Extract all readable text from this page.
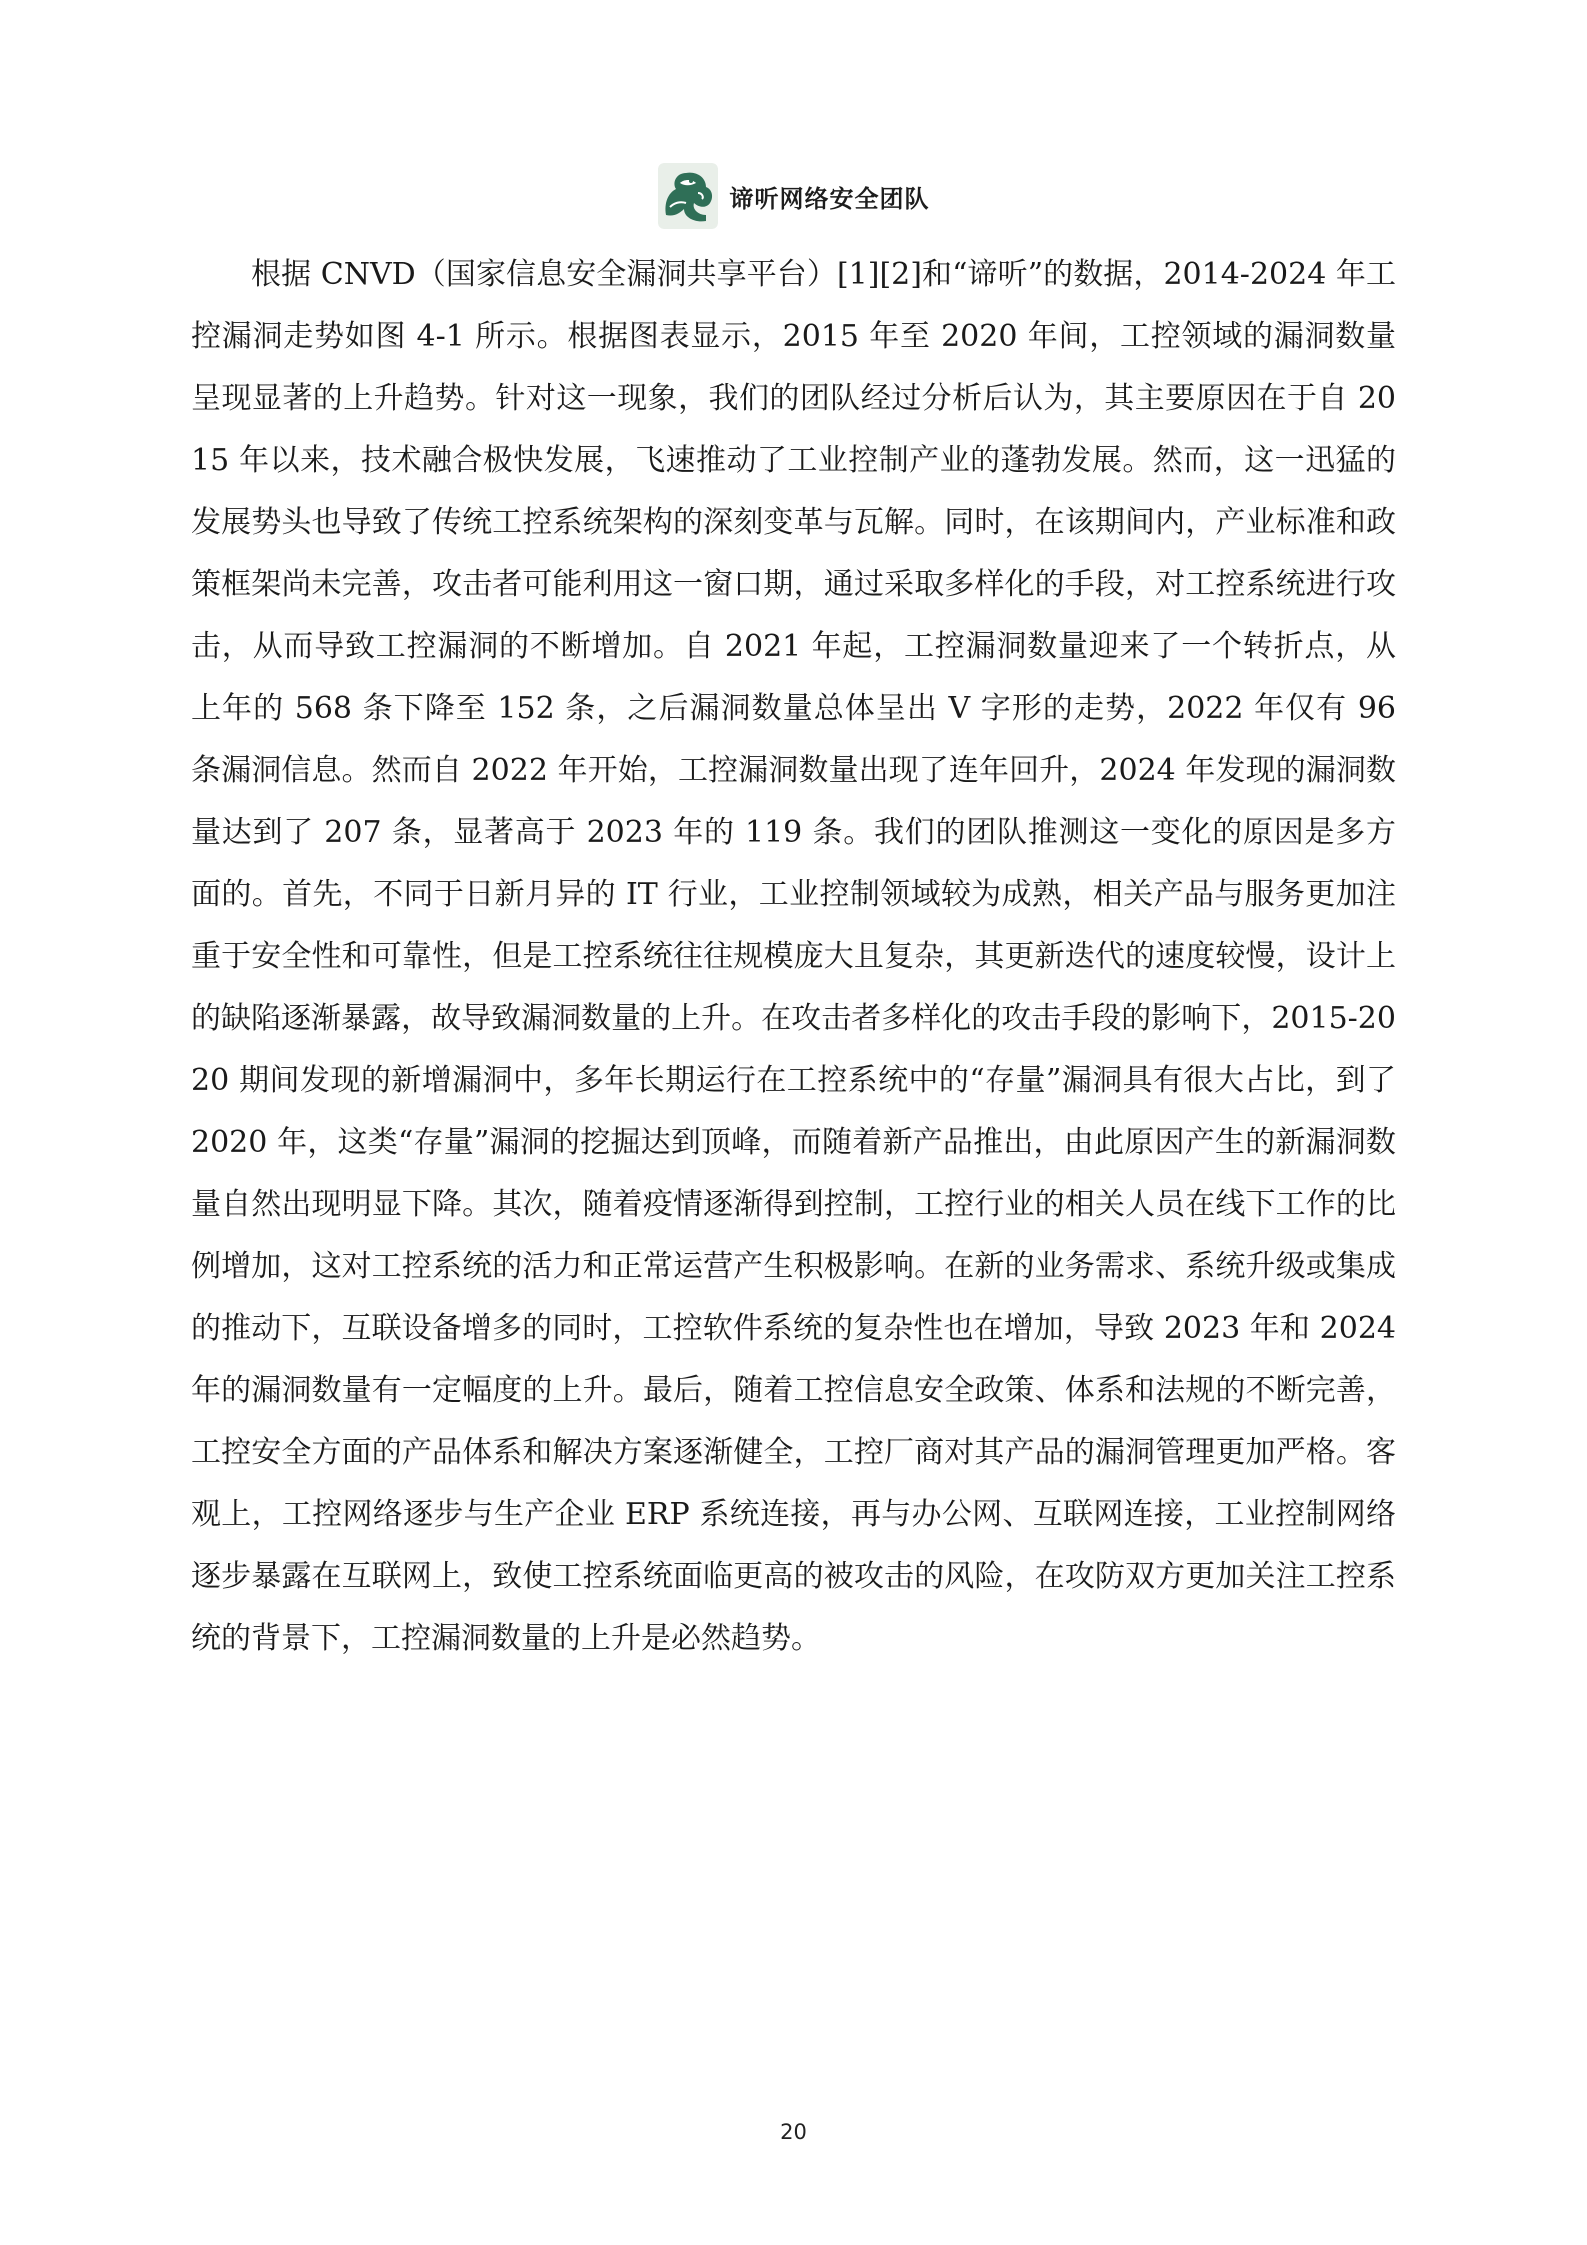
谛听网络安全团队

根据 CNVD（国家信息安全漏洞共享平台）[1][2]和“谛听”的数据，2014-2024 年工控漏洞走势如图 4-1 所示。根据图表显示，2015 年至 2020 年间，工控领域的漏洞数量呈现显著的上升趋势。针对这一现象，我们的团队经过分析后认为，其主要原因在于自 2015 年以来，技术融合极快发展，飞速推动了工业控制产业的蓬勃发展。然而，这一迅猛的发展势头也导致了传统工控系统架构的深刻变革与瓦解。同时，在该期间内，产业标准和政策框架尚未完善，攻击者可能利用这一窗口期，通过采取多样化的手段，对工控系统进行攻击，从而导致工控漏洞的不断增加。自 2021 年起，工控漏洞数量迎来了一个转折点，从上年的 568 条下降至 152 条，之后漏洞数量总体呈出 V 字形的走势，2022 年仅有 96 条漏洞信息。然而自 2022 年开始，工控漏洞数量出现了连年回升，2024 年发现的漏洞数量达到了 207 条，显著高于 2023 年的 119 条。我们的团队推测这一变化的原因是多方面的。首先，不同于日新月异的 IT 行业，工业控制领域较为成熟，相关产品与服务更加注重于安全性和可靠性，但是工控系统往往规模庞大且复杂，其更新迭代的速度较慢，设计上的缺陷逐渐暴露，故导致漏洞数量的上升。在攻击者多样化的攻击手段的影响下，2015-2020 期间发现的新增漏洞中，多年长期运行在工控系统中的“存量”漏洞具有很大占比，到了 2020 年，这类“存量”漏洞的挖掘达到顶峰，而随着新产品推出，由此原因产生的新漏洞数量自然出现明显下降。其次，随着疫情逐渐得到控制，工控行业的相关人员在线下工作的比例增加，这对工控系统的活力和正常运营产生积极影响。在新的业务需求、系统升级或集成的推动下，互联设备增多的同时，工控软件系统的复杂性也在增加，导致 2023 年和 2024 年的漏洞数量有一定幅度的上升。最后，随着工控信息安全政策、体系和法规的不断完善，工控安全方面的产品体系和解决方案逐渐健全，工控厂商对其产品的漏洞管理更加严格。客观上，工控网络逐步与生产企业 ERP 系统连接，再与办公网、互联网连接，工业控制网络逐步暴露在互联网上，致使工控系统面临更高的被攻击的风险，在攻防双方更加关注工控系统的背景下，工控漏洞数量的上升是必然趋势。

20
